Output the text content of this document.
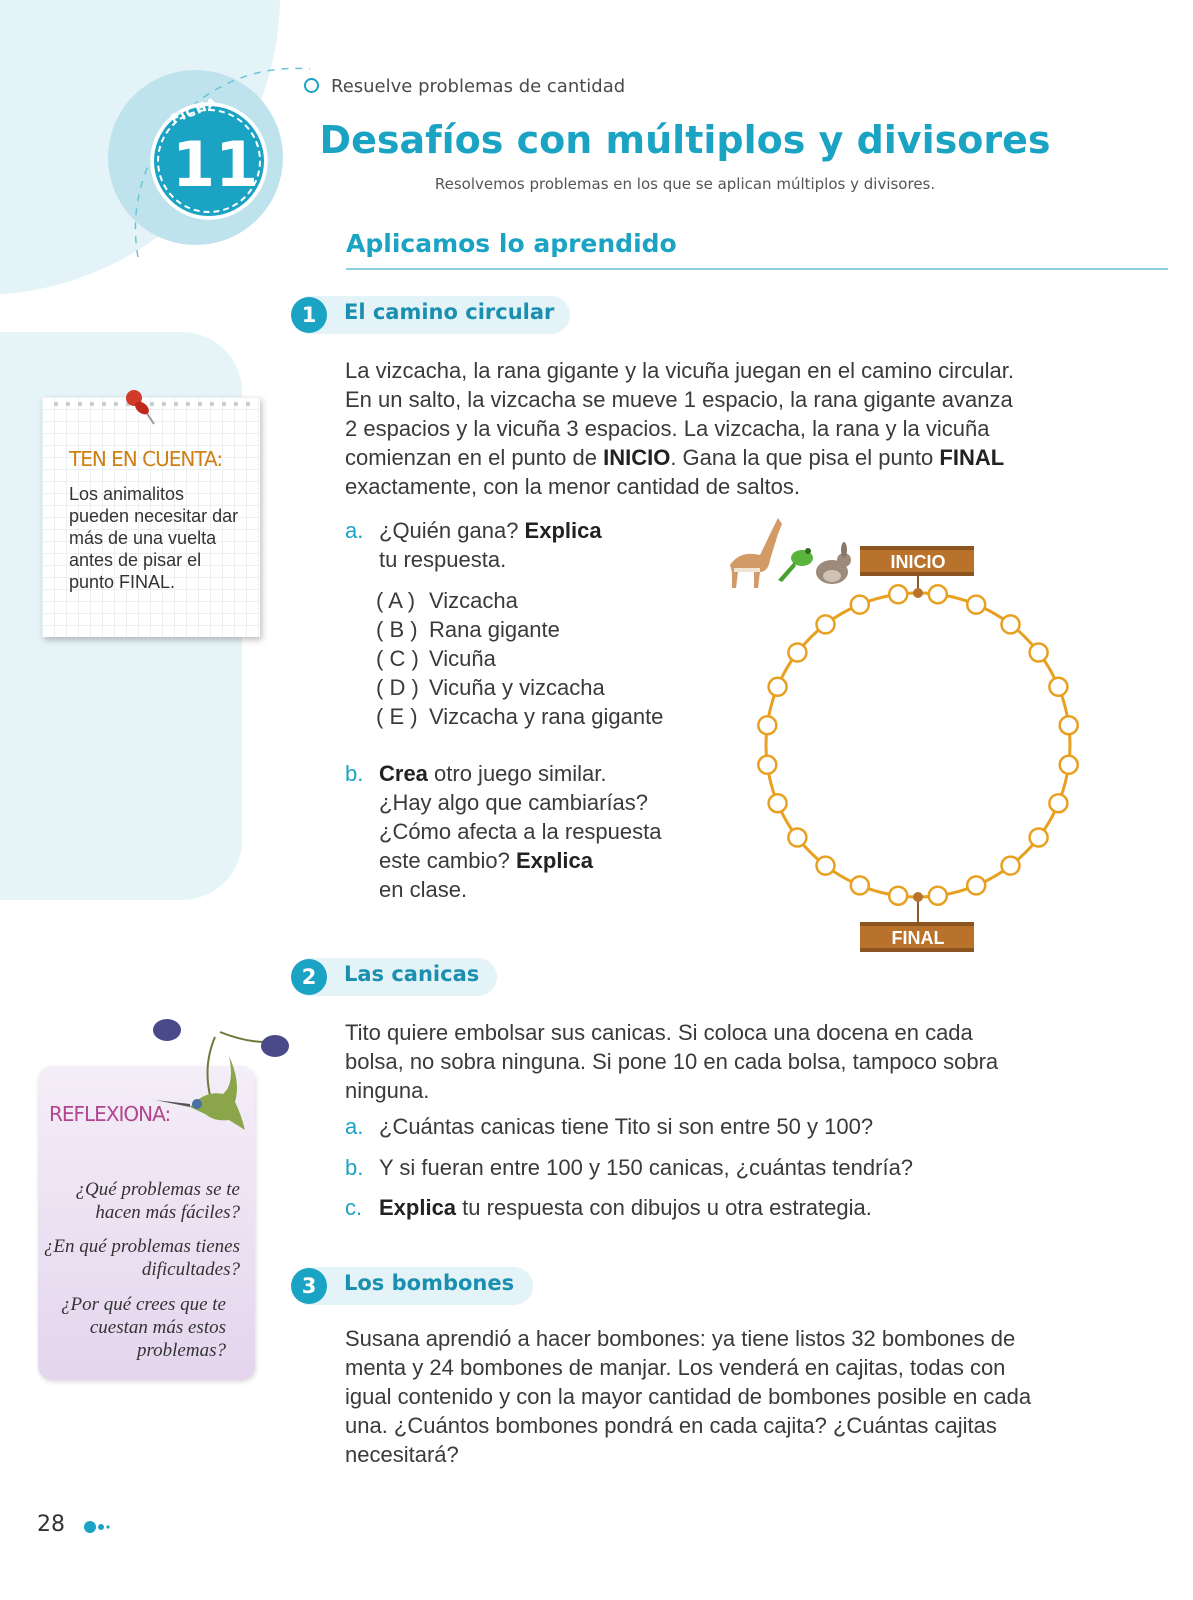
FICHA
11
Resuelve problemas de cantidad
Desafíos con múltiplos y divisores
Resolvemos problemas en los que se aplican múltiplos y divisores.
Aplicamos lo aprendido
TEN EN CUENTA:
Los animalitos pueden necesitar dar más de una vuelta antes de pisar el punto FINAL.
1	El camino circular
La vizcacha, la rana gigante y la vicuña juegan en el camino circular.
En un salto, la vizcacha se mueve 1 espacio, la rana gigante avanza
2 espacios y la vicuña 3 espacios. La vizcacha, la rana y la vicuña
comienzan en el punto de INICIO. Gana la que pisa el punto FINAL
exactamente, con la menor cantidad de saltos.
a. ¿Quién gana? Explica
tu respuesta.
( A ) Vizcacha
( B ) Rana gigante
( C ) Vicuña
( D ) Vicuña y vizcacha
( E ) Vizcacha y rana gigante
b. Crea otro juego similar.
¿Hay algo que cambiarías?
¿Cómo afecta a la respuesta
este cambio? Explica
en clase.
INICIO
FINAL
2	Las canicas
Tito quiere embolsar sus canicas. Si coloca una docena en cada
bolsa, no sobra ninguna. Si pone 10 en cada bolsa, tampoco sobra
ninguna.
a. ¿Cuántas canicas tiene Tito si son entre 50 y 100?
b. Y si fueran entre 100 y 150 canicas, ¿cuántas tendría?
c. Explica tu respuesta con dibujos u otra estrategia.
3	Los bombones
Susana aprendió a hacer bombones: ya tiene listos 32 bombones de
menta y 24 bombones de manjar. Los venderá en cajitas, todas con
igual contenido y con la mayor cantidad de bombones posible en cada
una. ¿Cuántos bombones pondrá en cada cajita? ¿Cuántas cajitas
necesitará?
REFLEXIONA:
¿Qué problemas se te hacen más fáciles?
¿En qué problemas tienes dificultades?
¿Por qué crees que te cuestan más estos problemas?
28
